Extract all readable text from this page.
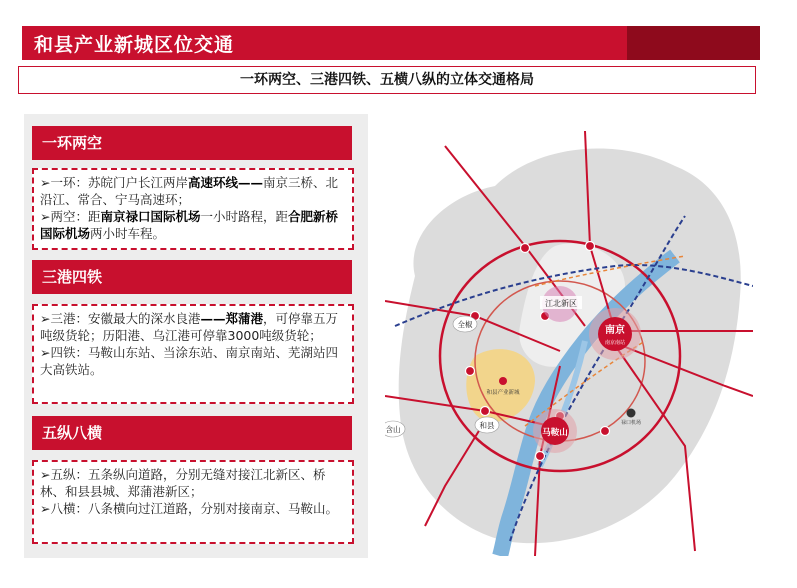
和县产业新城区位交通
一环两空、三港四铁、五横八纵的立体交通格局
一环两空
➢一环：苏皖门户长江两岸高速环线——南京三桥、北沿江、常合、宁马高速环；
➢两空：距南京禄口国际机场一小时路程，距合肥新桥国际机场两小时车程。
三港四铁
➢三港：安徽最大的深水良港——郑蒲港，可停靠五万吨级货轮；历阳港、乌江港可停靠3000吨级货轮；
➢四铁：马鞍山东站、当涂东站、南京南站、芜湖站四大高铁站。
五纵八横
➢五纵：五条纵向道路，分别无缝对接江北新区、桥林、和县县城、郑蒲港新区；
➢八横：八条横向过江道路，分别对接南京、马鞍山。
南京
南京南站
江北新区
马鞍山
和县
含山
全椒
和县产业新城
禄口机场
